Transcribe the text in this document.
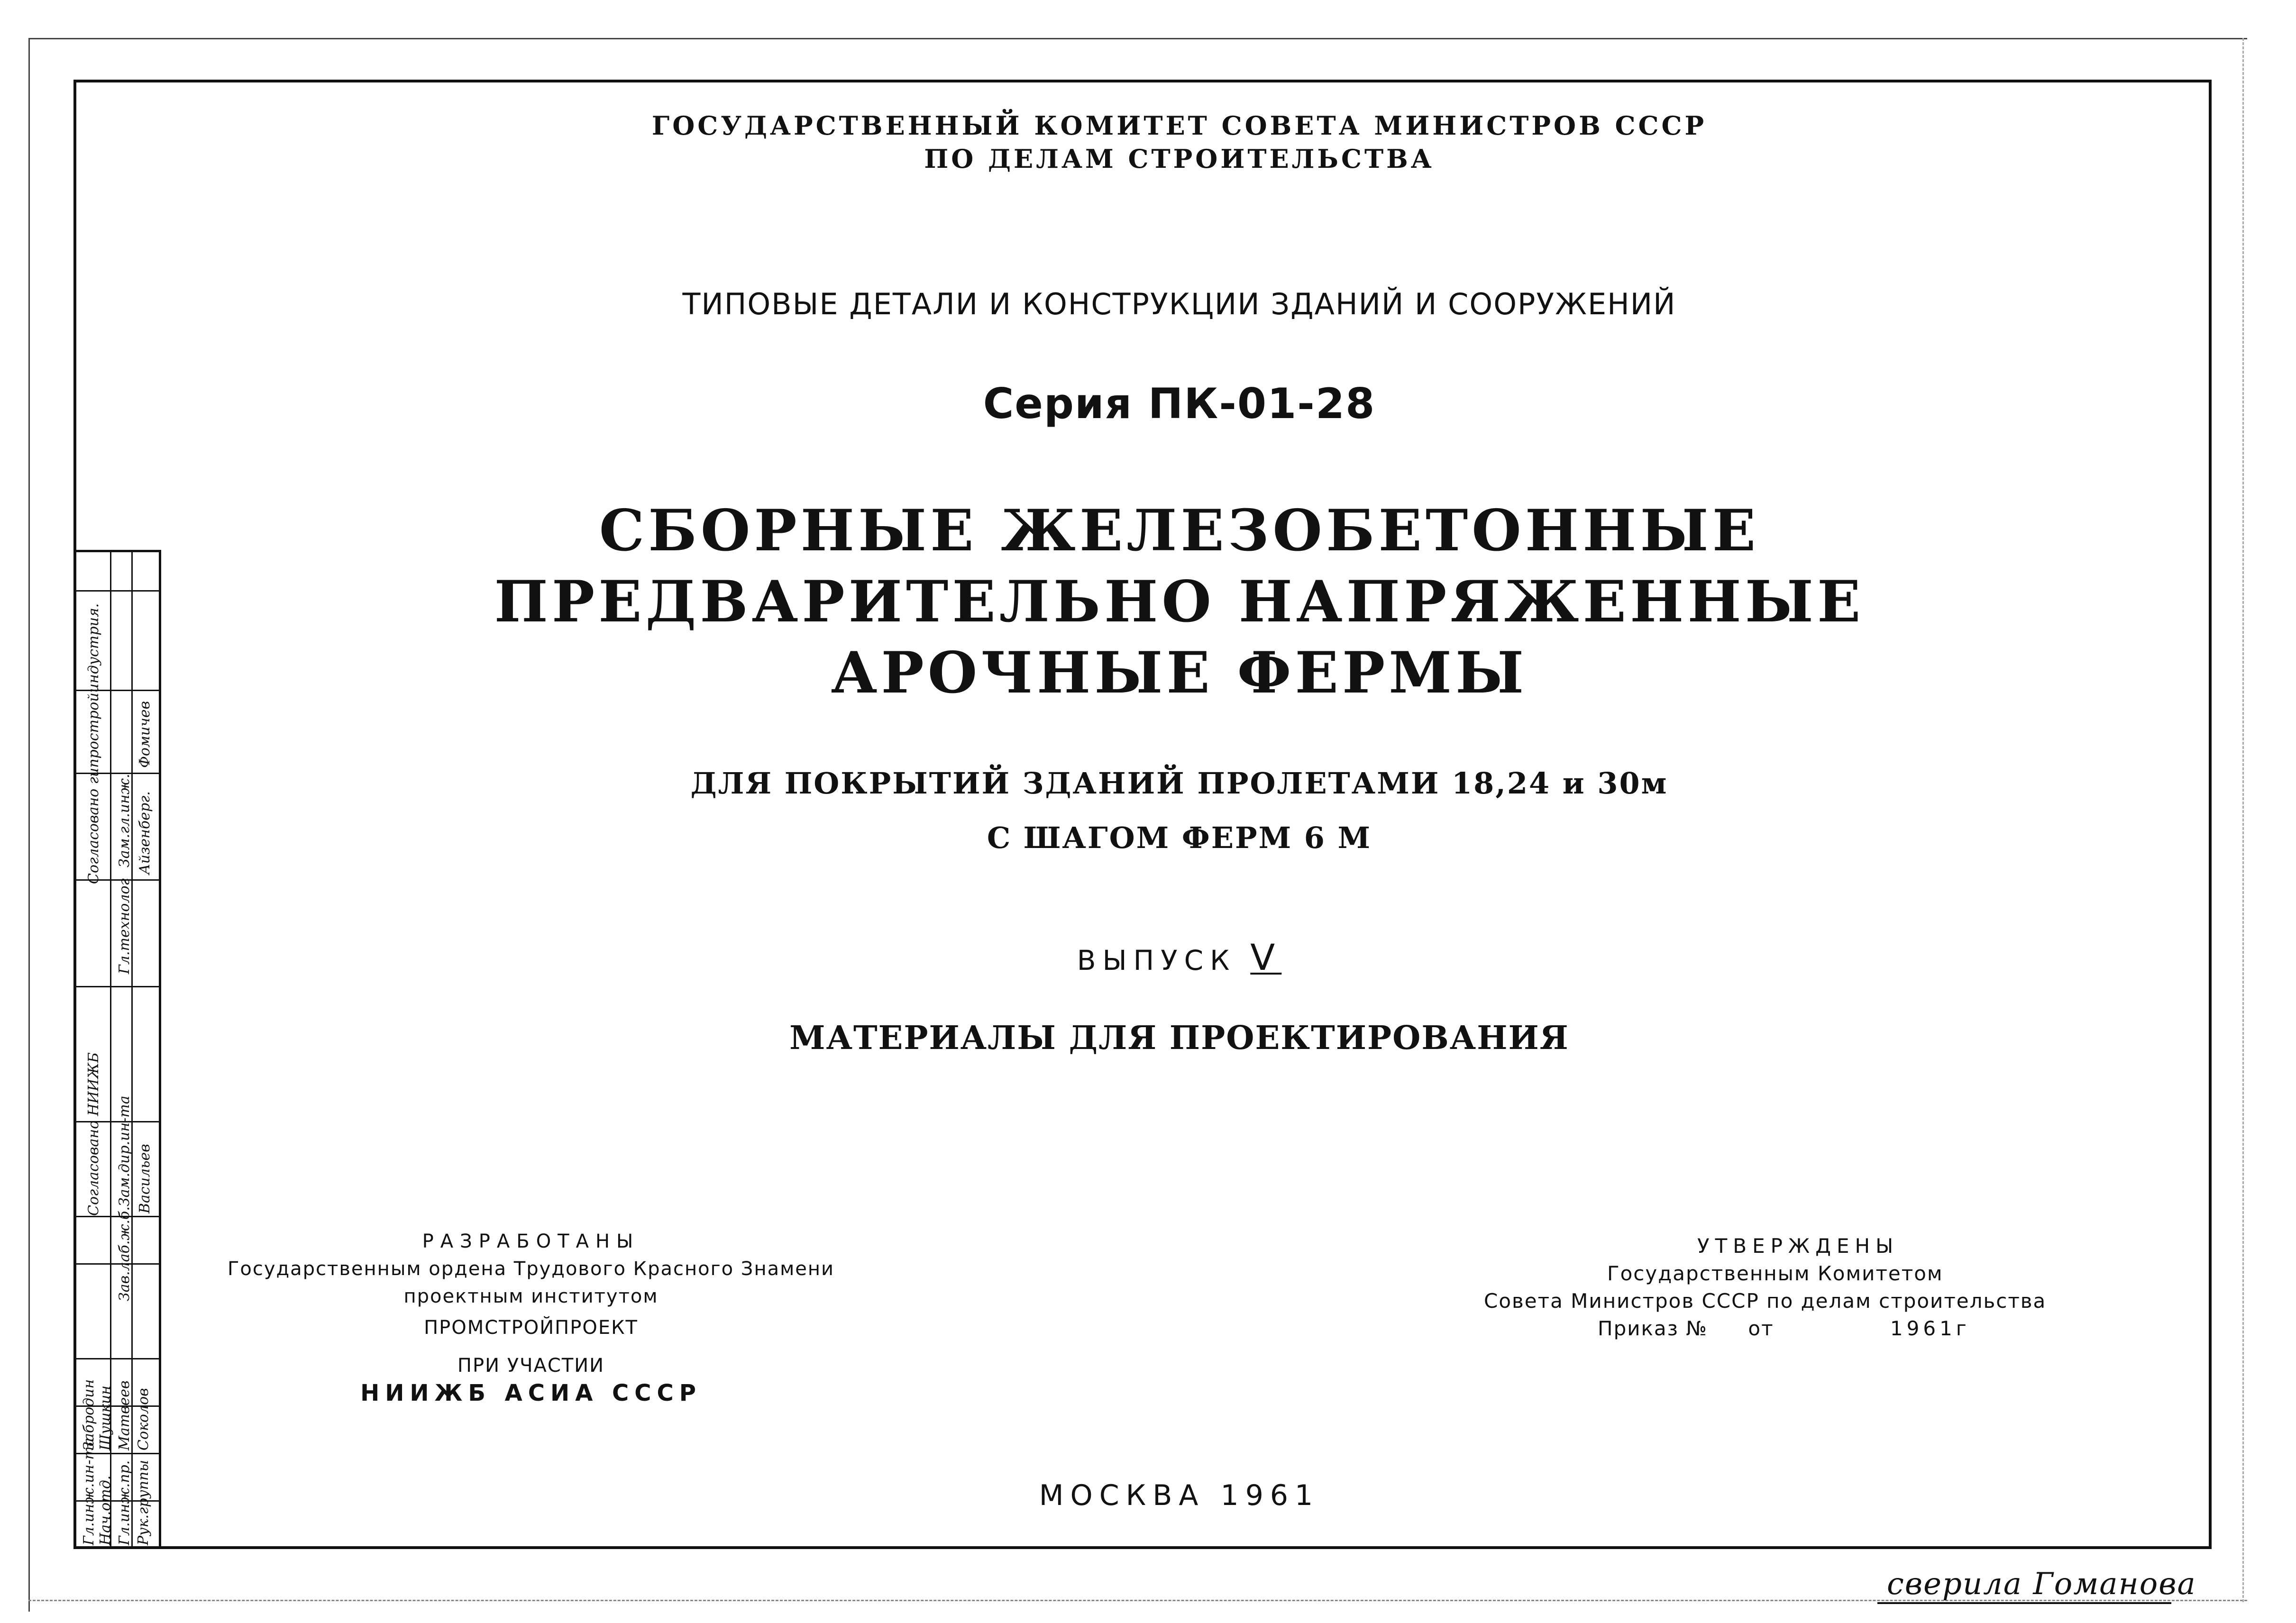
ГОСУДАРСТВЕННЫЙ КОМИТЕТ СОВЕТА МИНИСТРОВ СССР
ПО ДЕЛАМ СТРОИТЕЛЬСТВА
ТИПОВЫЕ ДЕТАЛИ И КОНСТРУКЦИИ ЗДАНИЙ И СООРУЖЕНИЙ
Серия ПК-01-28
СБОРНЫЕ ЖЕЛЕЗОБЕТОННЫЕ
ПРЕДВАРИТЕЛЬНО НАПРЯЖЕННЫЕ
АРОЧНЫЕ ФЕРМЫ
ДЛЯ ПОКРЫТИЙ ЗДАНИЙ ПРОЛЕТАМИ 18,24 и 30м
С ШАГОМ ФЕРМ 6 М
ВЫПУСК V
МАТЕРИАЛЫ ДЛЯ ПРОЕКТИРОВАНИЯ
РАЗРАБОТАНЫ
Государственным ордена Трудового Красного Знамени
проектным институтом
ПРОМСТРОЙПРОЕКТ
ПРИ УЧАСТИИ
НИИЖБ АСИА СССР
УТВЕРЖДЕНЫ
Государственным Комитетом
Совета Министров СССР по делам строительства
Приказ № от	1961г
МОСКВА 1961
сверила Гоманова
Согласовано гипростройиндустрия.
Согласовано НИИЖБ
Зам.гл.инж.
Гл.технолог
Зам.дир.ин-та
Зав.лаб.ж.б.
Фомичев
Айзенберг.
Васильев
Гл.инж.ин-та Нач.отд. Гл.инж.пр. Рук.группы
Забродин Шушкин Матвеев Соколов
